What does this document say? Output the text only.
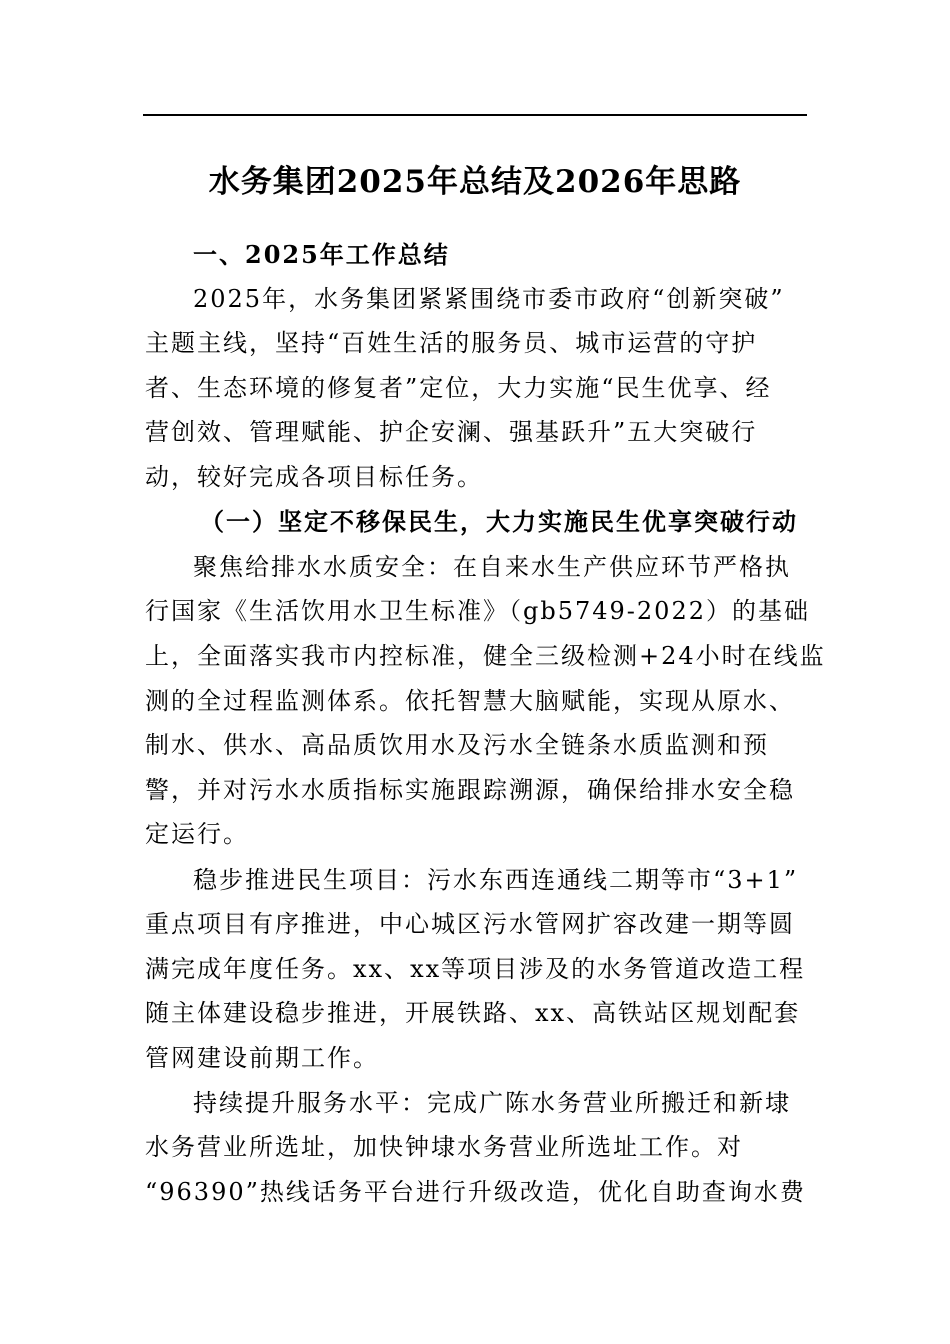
水务集团2025年总结及2026年思路
一、2025年工作总结
2025年，水务集团紧紧围绕市委市政府“创新突破”
主题主线，坚持“百姓生活的服务员、城市运营的守护
者、生态环境的修复者”定位，大力实施“民生优享、经
营创效、管理赋能、护企安澜、强基跃升”五大突破行
动，较好完成各项目标任务。
（一）坚定不移保民生，大力实施民生优享突破行动
聚焦给排水水质安全：在自来水生产供应环节严格执
行国家《生活饮用水卫生标准》（gb5749-2022）的基础
上，全面落实我市内控标准，健全三级检测+24小时在线监
测的全过程监测体系。依托智慧大脑赋能，实现从原水、
制水、供水、高品质饮用水及污水全链条水质监测和预
警，并对污水水质指标实施跟踪溯源，确保给排水安全稳
定运行。
稳步推进民生项目：污水东西连通线二期等市“3+1”
重点项目有序推进，中心城区污水管网扩容改建一期等圆
满完成年度任务。xx、xx等项目涉及的水务管道改造工程
随主体建设稳步推进，开展铁路、xx、高铁站区规划配套
管网建设前期工作。
持续提升服务水平：完成广陈水务营业所搬迁和新埭
水务营业所选址，加快钟埭水务营业所选址工作。对
“96390”热线话务平台进行升级改造，优化自助查询水费
